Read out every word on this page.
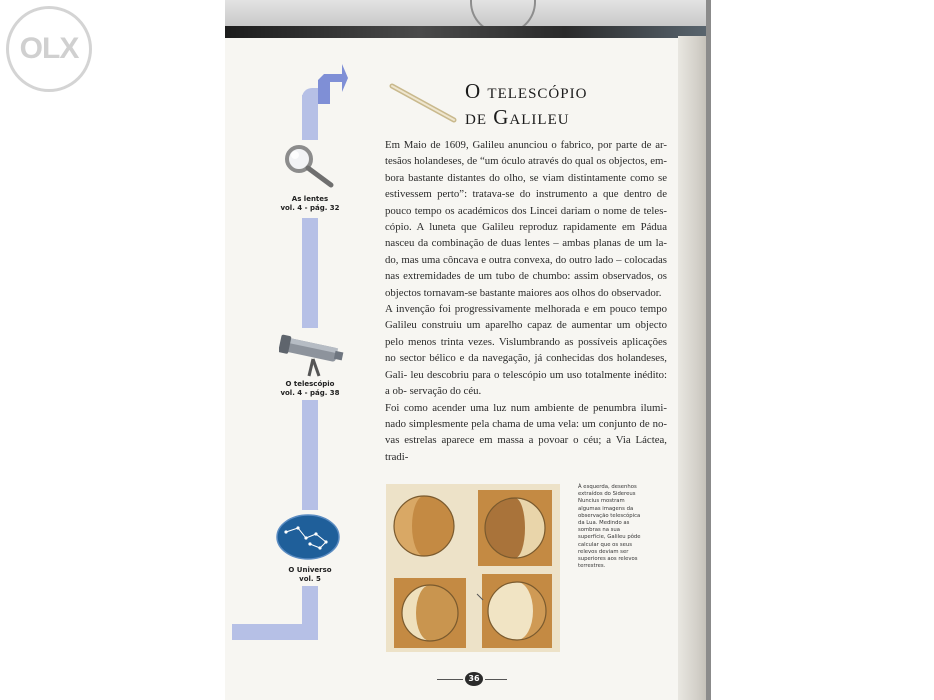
OLX
As lentes
vol. 4 - pág. 32
O telescópio
vol. 4 - pág. 38
O Universo
vol. 5
O telescópio
de Galileu

Em Maio de 1609, Galileu anunciou o fabrico, por parte de ar- tesãos holandeses, de “um óculo através do qual os objectos, em- bora bastante distantes do olho, se viam distintamente como se estivessem perto”: tratava-se do instrumento a que dentro de pouco tempo os académicos dos Lincei dariam o nome de teles- cópio. A luneta que Galileu reproduz rapidamente em Pádua nasceu da combinação de duas lentes – ambas planas de um la- do, mas uma côncava e outra convexa, do outro lado – colocadas nas extremidades de um tubo de chumbo: assim observados, os objectos tornavam-se bastante maiores aos olhos do observador.

A invenção foi progressivamente melhorada e em pouco tempo Galileu construiu um aparelho capaz de aumentar um objecto pelo menos trinta vezes. Vislumbrando as possíveis aplicações no sector bélico e da navegação, já conhecidas dos holandeses, Gali- leu descobriu para o telescópio um uso totalmente inédito: a ob- servação do céu.

Foi como acender uma luz num ambiente de penumbra ilumi- nado simplesmente pela chama de uma vela: um conjunto de no- vas estrelas aparece em massa a povoar o céu; a Via Láctea, tradi-

À esquerda, desenhos
extraídos do Sidereus
Nuncius mostram
algumas imagens da
observação telescópica
da Lua. Medindo as
sombras na sua
superfície, Galileu pôde
calcular que os seus
relevos deviam ser
superiores aos relevos
terrestres.
36
